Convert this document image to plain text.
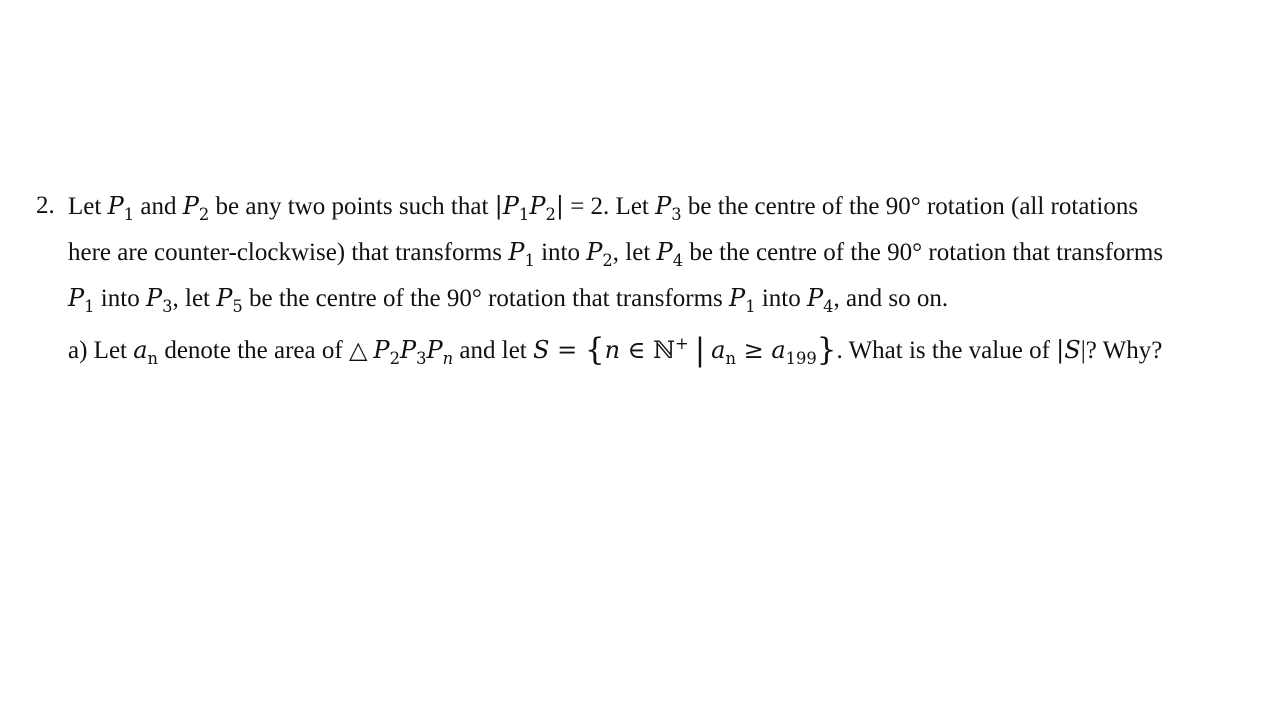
2. Let $P_1$ and $P_2$ be any two points such that $|P_1P_2| = 2$. Let $P_3$ be the centre of the 90° rotation (all rotations
here are counter-clockwise) that transforms $P_1$ into $P_2$, let $P_4$ be the centre of the 90° rotation that transforms
$P_1$ into $P_3$, let $P_5$ be the centre of the 90° rotation that transforms $P_1$ into $P_4$, and so on.
a) Let $a_n$ denote the area of △ $P_2P_3P_n$ and let S = {n ∈ ℕ+ | $a_n \ge a_{199}$}. What is the value of |S|? Why?
